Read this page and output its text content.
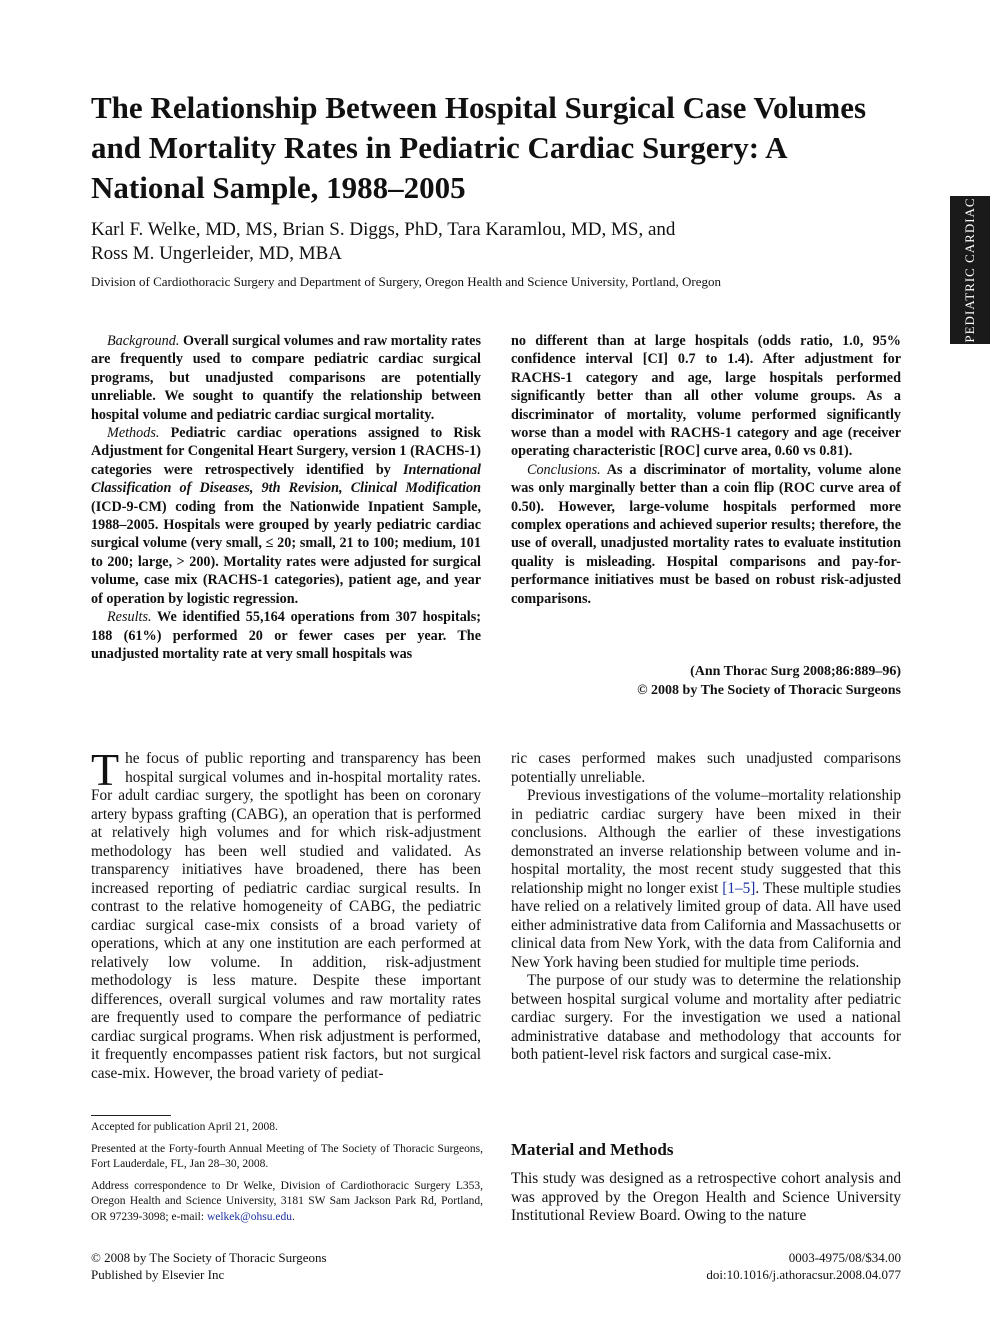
The Relationship Between Hospital Surgical Case Volumes and Mortality Rates in Pediatric Cardiac Surgery: A National Sample, 1988–2005
Karl F. Welke, MD, MS, Brian S. Diggs, PhD, Tara Karamlou, MD, MS, and
Ross M. Ungerleider, MD, MBA
Division of Cardiothoracic Surgery and Department of Surgery, Oregon Health and Science University, Portland, Oregon	PEDIATRIC CARDIAC

Background. Overall surgical volumes and raw mortality rates are frequently used to compare pediatric cardiac surgical programs, but unadjusted comparisons are potentially unreliable. We sought to quantify the relationship between hospital volume and pediatric cardiac surgical mortality.

Methods. Pediatric cardiac operations assigned to Risk Adjustment for Congenital Heart Surgery, version 1 (RACHS-1) categories were retrospectively identified by International Classification of Diseases, 9th Revision, Clinical Modification (ICD-9-CM) coding from the Nationwide Inpatient Sample, 1988–2005. Hospitals were grouped by yearly pediatric cardiac surgical volume (very small, ≤ 20; small, 21 to 100; medium, 101 to 200; large, > 200). Mortality rates were adjusted for surgical volume, case mix (RACHS-1 categories), patient age, and year of operation by logistic regression.

Results. We identified 55,164 operations from 307 hospitals; 188 (61%) performed 20 or fewer cases per year. The unadjusted mortality rate at very small hospitals was

no different than at large hospitals (odds ratio, 1.0, 95% confidence interval [CI] 0.7 to 1.4). After adjustment for RACHS-1 category and age, large hospitals performed significantly better than all other volume groups. As a discriminator of mortality, volume performed significantly worse than a model with RACHS-1 category and age (receiver operating characteristic [ROC] curve area, 0.60 vs 0.81).

Conclusions. As a discriminator of mortality, volume alone was only marginally better than a coin flip (ROC curve area of 0.50). However, large-volume hospitals performed more complex operations and achieved superior results; therefore, the use of overall, unadjusted mortality rates to evaluate institution quality is misleading. Hospital comparisons and pay-for-performance initiatives must be based on robust risk-adjusted comparisons.

(Ann Thorac Surg 2008;86:889–96)
© 2008 by The Society of Thoracic Surgeons

The focus of public reporting and transparency has been hospital surgical volumes and in-hospital mortality rates. For adult cardiac surgery, the spotlight has been on coronary artery bypass grafting (CABG), an operation that is performed at relatively high volumes and for which risk-adjustment methodology has been well studied and validated. As transparency initiatives have broadened, there has been increased reporting of pediatric cardiac surgical results. In contrast to the relative homogeneity of CABG, the pediatric cardiac surgical case-mix consists of a broad variety of operations, which at any one institution are each performed at relatively low volume. In addition, risk-adjustment methodology is less mature. Despite these important differences, overall surgical volumes and raw mortality rates are frequently used to compare the performance of pediatric cardiac surgical programs. When risk adjustment is performed, it frequently encompasses patient risk factors, but not surgical case-mix. However, the broad variety of pediat-

ric cases performed makes such unadjusted comparisons potentially unreliable.

Previous investigations of the volume–mortality relationship in pediatric cardiac surgery have been mixed in their conclusions. Although the earlier of these investigations demonstrated an inverse relationship between volume and in-hospital mortality, the most recent study suggested that this relationship might no longer exist [1–5]. These multiple studies have relied on a relatively limited group of data. All have used either administrative data from California and Massachusetts or clinical data from New York, with the data from California and New York having been studied for multiple time periods.

The purpose of our study was to determine the relationship between hospital surgical volume and mortality after pediatric cardiac surgery. For the investigation we used a national administrative database and methodology that accounts for both patient-level risk factors and surgical case-mix.

Material and Methods

This study was designed as a retrospective cohort analysis and was approved by the Oregon Health and Science University Institutional Review Board. Owing to the nature

Accepted for publication April 21, 2008.

Presented at the Forty-fourth Annual Meeting of The Society of Thoracic Surgeons, Fort Lauderdale, FL, Jan 28–30, 2008.

Address correspondence to Dr Welke, Division of Cardiothoracic Surgery L353, Oregon Health and Science University, 3181 SW Sam Jackson Park Rd, Portland, OR 97239-3098; e-mail: welkek@ohsu.edu.

© 2008 by The Society of Thoracic Surgeons
Published by Elsevier Inc
0003-4975/08/$34.00
doi:10.1016/j.athoracsur.2008.04.077
